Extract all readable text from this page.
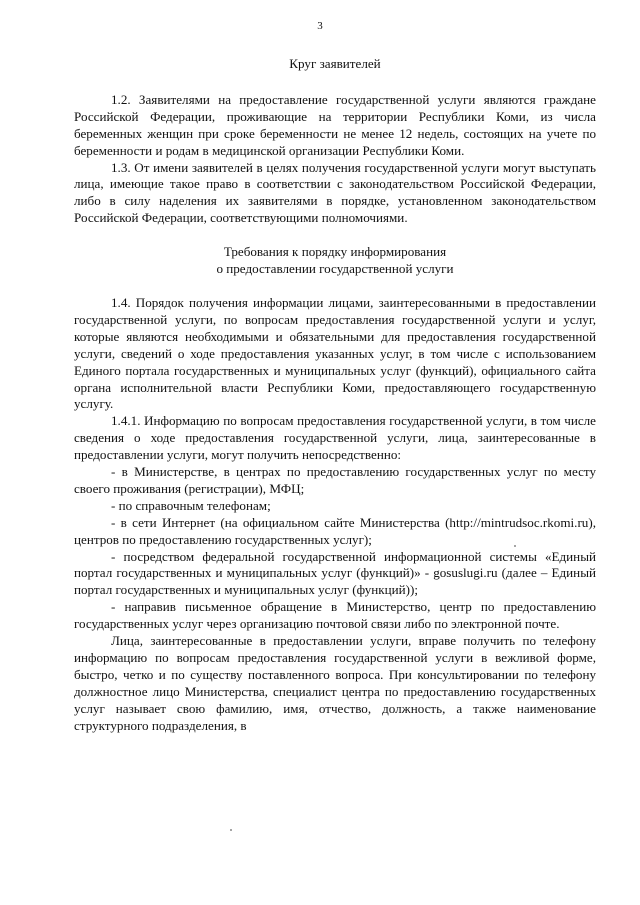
3
Круг заявителей

1.2. Заявителями на предоставление государственной услуги являются граждане Российской Федерации, проживающие на территории Республики Коми, из числа беременных женщин при сроке беременности не менее 12 недель, состоящих на учете по беременности и родам в медицинской организации Республики Коми.

1.3. От имени заявителей в целях получения государственной услуги могут выступать лица, имеющие такое право в соответствии с законодательством Российской Федерации, либо в силу наделения их заявителями в порядке, установленном законодательством Российской Федерации, соответствующими полномочиями.

Требования к порядку информирования
о предоставлении государственной услуги

1.4. Порядок получения информации лицами, заинтересованными в предоставлении государственной услуги, по вопросам предоставления государственной услуги и услуг, которые являются необходимыми и обязательными для предоставления государственной услуги, сведений о ходе предоставления указанных услуг, в том числе с использованием Единого портала государственных и муниципальных услуг (функций), официального сайта органа исполнительной власти Республики Коми, предоставляющего государственную услугу.

1.4.1. Информацию по вопросам предоставления государственной услуги, в том числе сведения о ходе предоставления государственной услуги, лица, заинтересованные в предоставлении услуги, могут получить непосредственно:

- в Министерстве, в центрах по предоставлению государственных услуг по месту своего проживания (регистрации), МФЦ;

- по справочным телефонам;

- в сети Интернет (на официальном сайте Министерства (http://mintrudsoc.rkomi.ru), центров по предоставлению государственных услуг);

- посредством федеральной государственной информационной системы «Единый портал государственных и муниципальных услуг (функций)» - gosuslugi.ru (далее – Единый портал государственных и муниципальных услуг (функций));

- направив письменное обращение в Министерство, центр по предоставлению государственных услуг через организацию почтовой связи либо по электронной почте.

Лица, заинтересованные в предоставлении услуги, вправе получить по телефону информацию по вопросам предоставления государственной услуги в вежливой форме, быстро, четко и по существу поставленного вопроса. При консультировании по телефону должностное лицо Министерства, специалист центра по предоставлению государственных услуг называет свою фамилию, имя, отчество, должность, а также наименование структурного подразделения, в
